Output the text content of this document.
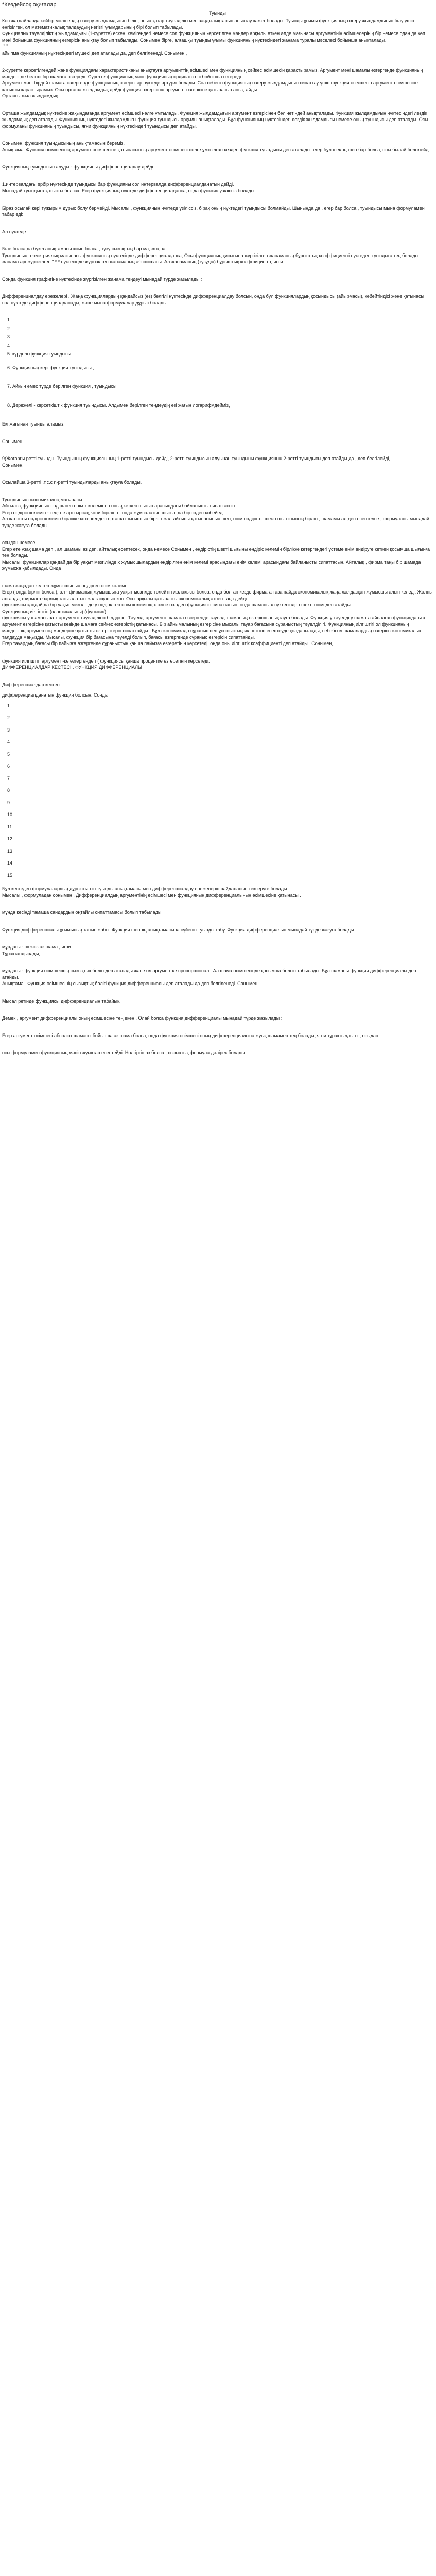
*Кездейсоқ оқиғалар
Туынды
Көп жағдайларда кейбір мөлшердің өзгеру жылдамдығын біліп, оның қатар тәуелділігі мен заңдылықтарын анықтау қажет болады. Туынды ұғымы функцияның өзгеру жылдамдығын білу үшін енгізілген, ол математикалық талдаудың негізгі ұғымдарының бірі болып табылады.
Функциялық тәуелділіктің жылдамдығы (1-суретте) өскен, кемігендегі немесе сол функцияның көрсетілген мәндер арқылы өткен әлде мағынасы аргументінің өсімшелерінің бір немесе одан да көп мәні бойынша функцияның өзгерісін анықтау болып табылады. Сонымен бірге, алғашқы туынды ұғымы функцияның нүктесіндегі жанама туралы мәселесі бойынша анықталады.
" "
айыпма функцияның нүктесіндегі мүшесі деп аталады да, деп белгіленеді. Сонымен ,
2-суретте көрсетілгендей жане функциядағы характеристиканы анықтауға аргументтің өсімшесі мен функцияның сәйкес өсімшесін қарастырамыз. Аргумент мәні шамалы өзгергенде функцияның мәндері де белгілі бір шамаға өзгереді. Суретте функцияның мәні функцияның ордината осі бойынша өзгереді.
Аргумент мәні бірдей шамаға өзгергенде функцияның өзгерісі әр нүктеде әртүрлі болады. Сол себепті функцияның өзгеру жылдамдығын сипаттау үшін функция өсімшесін аргумент өсімшесіне қатысты қарастырамыз. Осы орташа жылдамдық дейді функция өзгерісінің аргумент өзгерісіне қатынасын анықтайды.
Ортаңғы жыл жылдамдық
Орташа жылдамдық нүктесіне жақындағанда аргумент өсімшесі нөлге ұмтылады. Функция жылдамдығын аргумент өзгерісінен бөлінетіндей анықталады. Функция жылдамдығын нүктесіндегі лездік жылдамдық деп аталады. Функцияның нүктедегі жылдамдығы функция туындысы арқылы анықталады. Бұл функцияның нүктесіндегі лездік жылдамдығы немесе оның туындысы деп аталады. Осы формуланы функцияның туындысы, яғни функцияның нүктесіндегі туындысы деп атайды.
Сонымен, функция туындысының анықтамасын береміз.
Анықтама. Функция өсімшесінің аргумент өсімшесіне қатынасының аргумент өсімшесі нөлге ұмтылған кездегі функция туындысы деп аталады, егер бұл шектің шегі бар болса, оны былай белгілейді:
Функцияның туындысын алуды - функцияны дифференциалдау дейді.
1.интервалдағы әрбір нүктесінде туындысы бар функцияны сол интервалда дифференциалданатын дейді.
Мынадай туындыға қатысты болсақ: Егер функцияның нүктеде дифференциалданса, онда функция үзіліссіз болады.
Біраз осылай кері тұжырым дұрыс болу бермейді. Мысалы , функцияның нүктеде үзіліссіз, бірақ оның нүктедегі туындысы болмайды. Шынында да , егер бар болса , туындысы мына формуламен табар еді:
Ал нүктеде
Біле болса да бүкіл анықтамасы қиын болса , түзу сызықтың бар ма, жоқ па.
Туындының геометриялық мағынасы функцияның нүктесінде дифференциалданса, Осы функцияның қисығына жүргізілген жанаманың бұрыштық коэффициенті нүктедегі туындыға тең болады.
жанама әрі жүргізілген " * * нүктесінде жүргізілген жанаманың абсциссасы. Ал жанаманың (түзудің) бұрыштық коэффициенті, яғни
Сонда функция графигіне нүктесінде жүргізілген жанама теңдеуі мынадай түрде жазылады :
Дифференциалдау ережелері . Жаңа функциялардың қандайсыз (өз) белгілі нүктесінде дифференциалдау болсын, онда бұл функциялардың қосындысы (айырмасы), көбейтіндісі және қатынасы сол нүктеде дифференциалданады, және мына формулалар дұрыс болады :
1.
2.
3.
4.
5. күрделі функция туындысы
6. Функцияның кері функция туындысы ;
7. Айқын емес түрде берілген функция , туындысы:
8. Дәрежелі - көрсеткіштік функция туындысы. Алдымен берілген теңдеудің екі жағын логарифмдейміз,
Екі жағынан туынды аламыз,
Сонымен,
9)Жоғарғы ретті туынды. Туындының функциясының 1-ретті туындысы дейді, 2-ретті туындысын алуынан туындыны функцияның 2-ретті туындысы деп атайды да , деп белгілейді,
Сонымен,
Осылайша 3-ретті ,т.с.с n-ретті туындыларды анықтауға болады.
Туындының экономикалық мағынасы
Айтылық функцияның өндірілген өнім х көлемінен оның кеткен шығын арасындағы байланысты сипаттасын.
Егер өндіріс көлемін - тең- не арттырсақ, яғни бірілігін , онда жұмсалатын шығын да біртіндеп көбейеді.
Ал қатысты өндіріс көлемін бірлікке көтергендегі орташа шығынның бірлігі жалғайтыны қатынасының шегі, өнім өндірісте шекті шығынының бірлігі , шамамы ал деп есептелсе , формуланы мынадай түрде жазуға болады .
осыдан немесе
Егер өте ұзақ шама деп , ал шаманы аз деп, айталық есептесек, онда немесе Сонымен , өндірістің шекті шығыны өндіріс көлемін бірлікке көтергендегі үстеме өнім өндіруге кеткен қосымша шығынға тең болады.
Мысалы, функциялар қандай да бір уақыт мезгілінде х жұмысшылардың өндірілген өнім көлемі арасындағы өнім көлемі арасындағы байланысты сипаттасын. Айталық , фирма таңы бір шамада жұмыска қабылдады. Онда
шама жаңадан келген жұмысшының өндірген өнім көлемі .
Егер ( онда бірлігі болса ), ал - фирманың жұмысшыға уақыт мезгілде төлейтін жалақысы болса, онда болған кезде фирмаға таза пайда экономикалық жаңа жалдасқан жұмысшы алып келеді. Жалпы алғанда, фирмаға барлық тағы алатын жалғасқанын көп. Осы арқылы қатынасты экономикалық атпен таңс дейді.
функциясы қандай да бір уақыт мезгілінде у өндірілген өнім көлемінің х өзіне өзіндегі функциясы сипаттасын, онда шаманы х нүктесіндегі шекті өнімі деп атайды.
Функцияның иілгіштігі (эластикалығы) (функция)
функциясы у шамасына х аргументі тәуелділігін білдірсін. Тәуелді аргументі шамаға өзгергенде тәуелді шаманың өзгерісін анықтауға болады. Функция у тәуелді у шамаға айналған функциядағы х аргумент өзгерісіне қатысты кезінде шамаға сәйкес өзгерістің қатынасы. Бір айнымалының өзгерісіне мысалы тауар бағасына сұраныстың тәуелділігі. Функцияның иілгіштігі ол функцияның мәндерінің аргументтің мәндеріне қатысты өзгерістерін сипаттайды . Бұл экономикада сұраныс пен ұсыныстың иілгіштігін есептеуде қолданылады, себебі ол шамалардың өзгерісі экономикалық талдауда маңызды. Мысалы, функция бір бағасына тәуелді болып, бағасы өзгергенде сұраныс өзгерісін сипаттайды.
Егер тауардың бағасы бір пайызға өзгергенде сұраныстың қанша пайызға өзгеретінін көрсетеді, онда оны иілгіштік коэффициенті деп атайды . Сонымен,
функция иілгіштігі аргумент -ке өзгергендегі ( функциясы қанша процентке өзгеретінін көрсетеді.
ДИФФЕРЕНЦИАЛДАР КЕСТЕСІ . ФУНКЦИЯ ДИФФЕРЕНЦИАЛЫ
Дифференциалдар кестесі
дифференциалданатын функция болсын. Сонда
1
2
3
4
5
6
7
8
9
10
11
12
13
14
15
Бұл кестедегі формулалардың дұрыстығын туынды анықтамасы мен дифференциалдау ережелерін пайдаланып тексеруге болады.
Мысалы , формуладан сонымен . Дифференциалдың аргументінің өсімшесі мен функцияның дифференциалының өсімшесіне қатынасы .
мұнда кесінді тамаша сандардың оңтайлы сипаттамасы болып табылады.
Функция дифференциалы ұғымының таныс жабы, Функция шегінің анықтамасына сүйеніп туынды табу. Функция дифференциалын мынадай түрде жазуға болады:
мұндағы - шексіз аз шама , яғни
Тұрақтандырады,
мұндағы - функция өсімшесінің сызықтық бөлігі деп аталады және ол аргументке пропорционал . Ал шама өсімшесінде қосымша болып табылады. Бұл шаманы функция дифференциалы деп атайды.
Анықтама . Функция өсімшесінің сызықтық бөлігі функция дифференциалы деп аталады да деп белгіленеді. Сонымен
Мысал ретінде функциясы дифференциалын табайық.
Демек , аргумент дифференциалы оның өсімшесіне тең екен . Олай болса функция дифференциалы мынадай түрде жазылады :
Егер аргумент өсімшесі абсолют шамасы бойынша аз шама болса, онда функция өсімшесі оның дифференциалына жуық шамамен тең болады, яғни тұрақтылдығы , осыдан
осы формуламен функцияның мәнін жуықтап есептейді. Нөлгіргін аз болса , сызықтық формула дәлірек болады.
